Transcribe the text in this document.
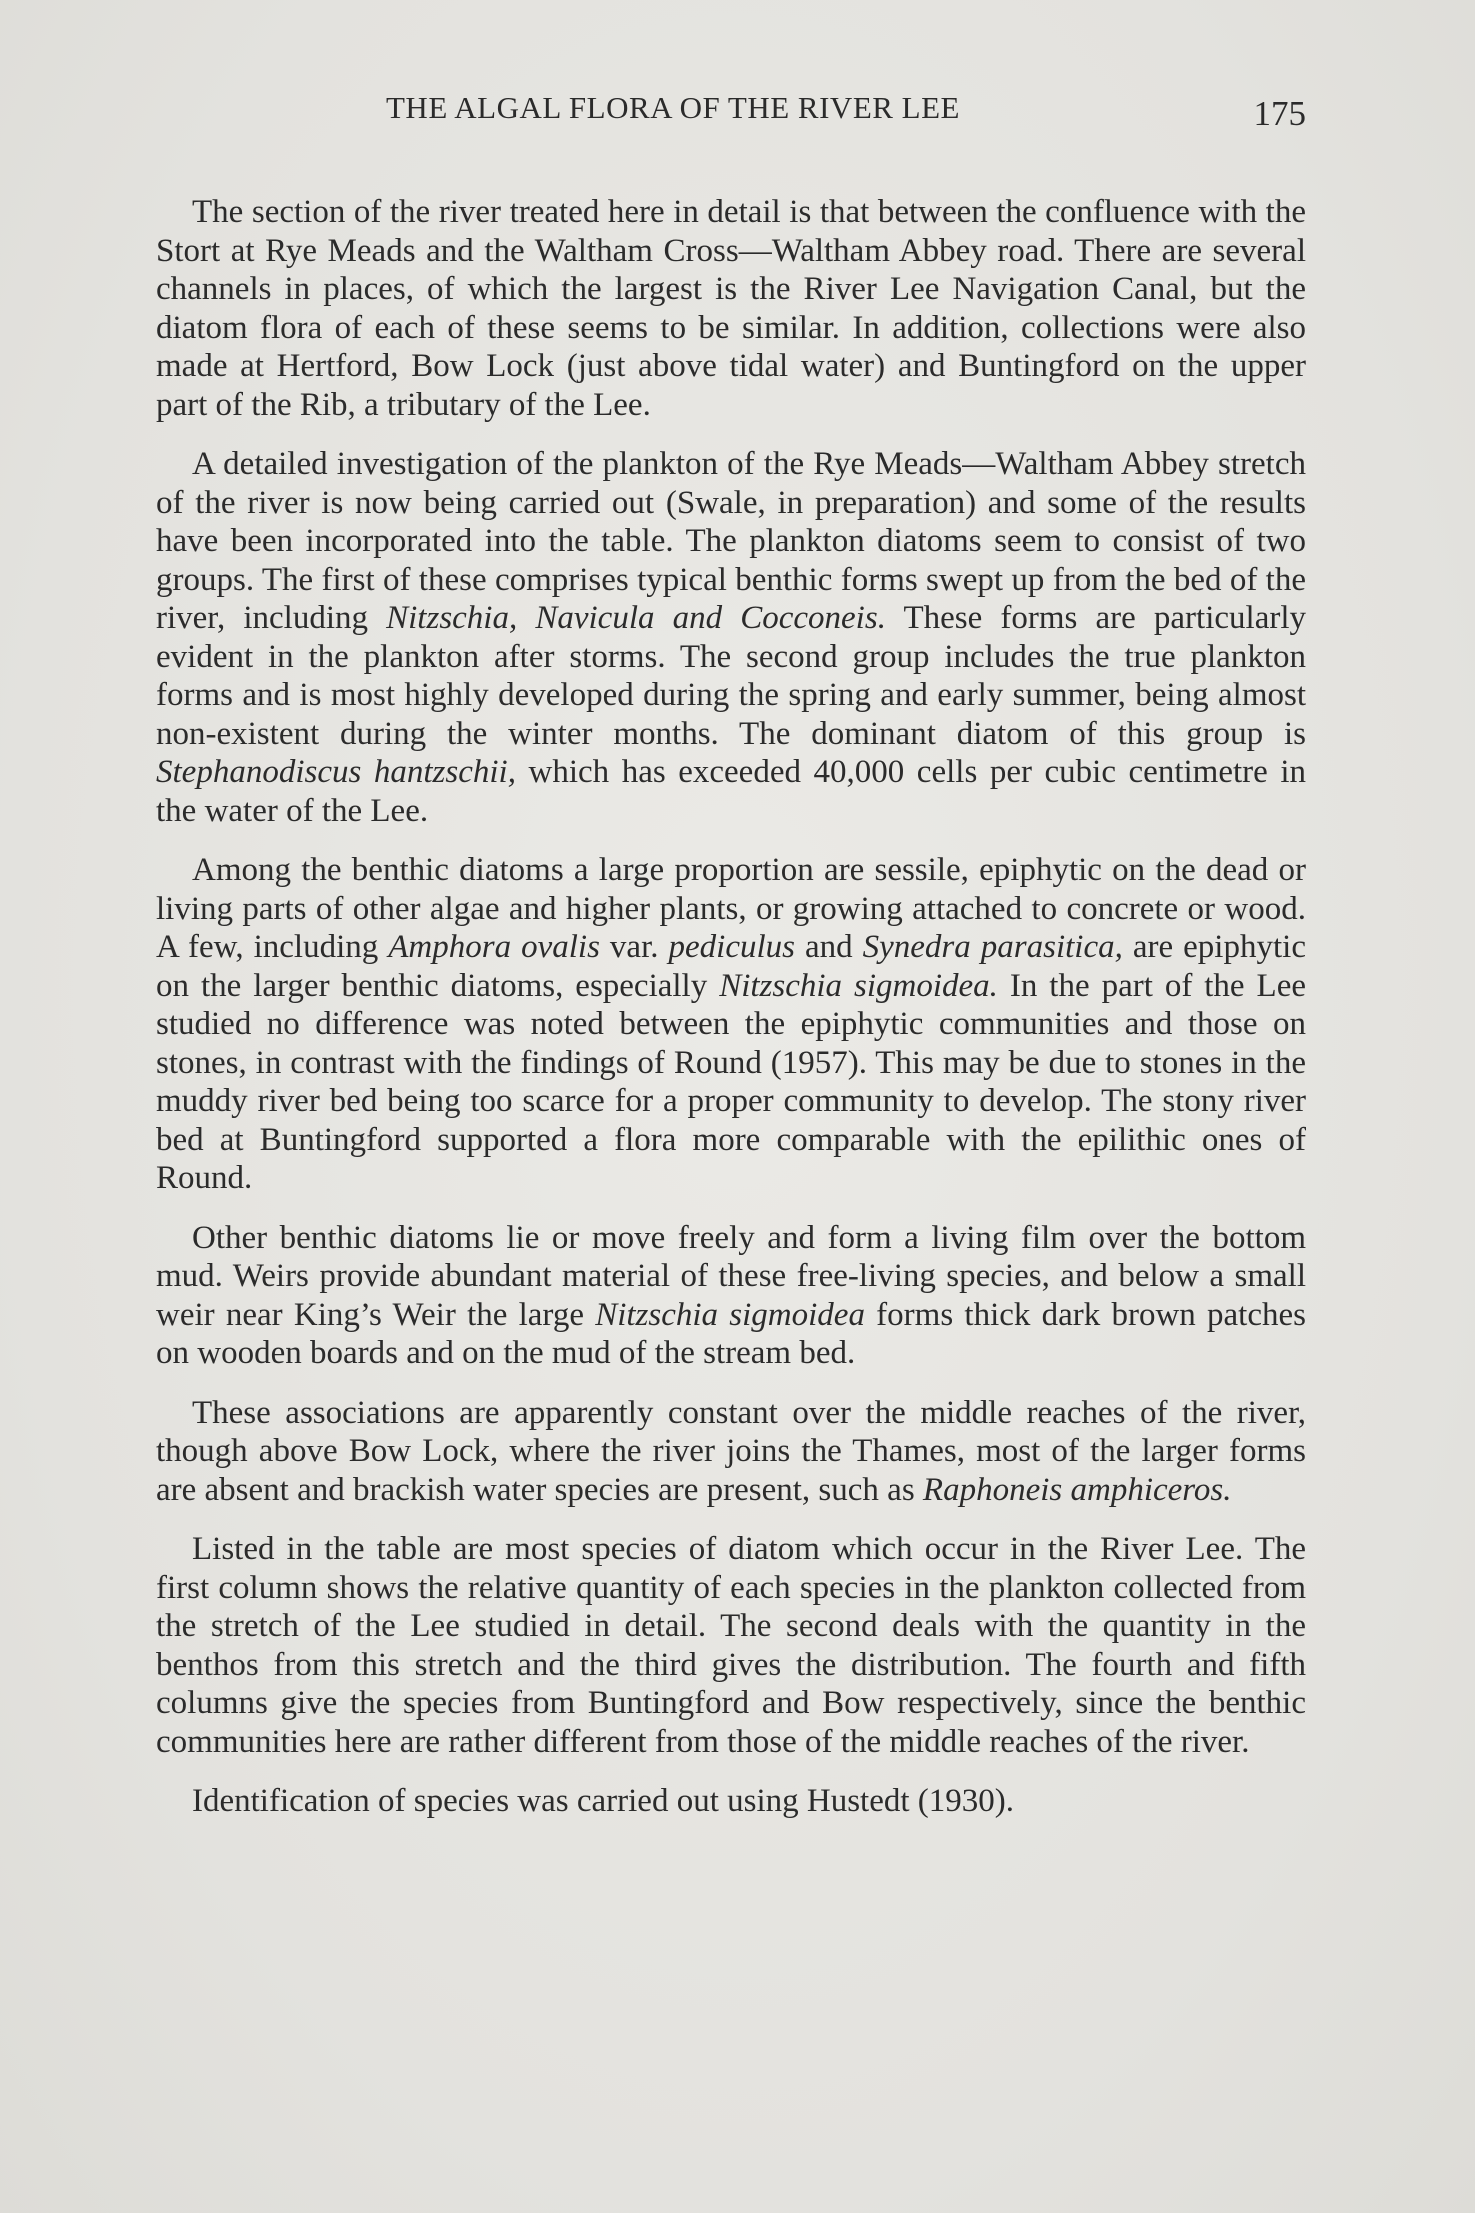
THE ALGAL FLORA OF THE RIVER LEE	175

The section of the river treated here in detail is that between the confluence with the Stort at Rye Meads and the Waltham Cross—Waltham Abbey road. There are several channels in places, of which the largest is the River Lee Navigation Canal, but the diatom flora of each of these seems to be similar. In addition, collections were also made at Hertford, Bow Lock (just above tidal water) and Buntingford on the upper part of the Rib, a tributary of the Lee.

A detailed investigation of the plankton of the Rye Meads—Waltham Abbey stretch of the river is now being carried out (Swale, in preparation) and some of the results have been incorporated into the table. The plankton diatoms seem to consist of two groups. The first of these comprises typical benthic forms swept up from the bed of the river, including Nitzschia, Navicula and Cocconeis. These forms are particularly evident in the plankton after storms. The second group includes the true plankton forms and is most highly developed during the spring and early summer, being almost non-existent during the winter months. The dominant diatom of this group is Stephanodiscus hantzschii, which has exceeded 40,000 cells per cubic centimetre in the water of the Lee.

Among the benthic diatoms a large proportion are sessile, epiphytic on the dead or living parts of other algae and higher plants, or growing attached to concrete or wood. A few, including Amphora ovalis var. pediculus and Synedra parasitica, are epiphytic on the larger benthic diatoms, especially Nitzschia sigmoidea. In the part of the Lee studied no difference was noted between the epiphytic communities and those on stones, in contrast with the findings of Round (1957). This may be due to stones in the muddy river bed being too scarce for a proper community to develop. The stony river bed at Buntingford supported a flora more comparable with the epilithic ones of Round.

Other benthic diatoms lie or move freely and form a living film over the bottom mud. Weirs provide abundant material of these free-living species, and below a small weir near King’s Weir the large Nitzschia sigmoidea forms thick dark brown patches on wooden boards and on the mud of the stream bed.

These associations are apparently constant over the middle reaches of the river, though above Bow Lock, where the river joins the Thames, most of the larger forms are absent and brackish water species are present, such as Raphoneis amphiceros.

Listed in the table are most species of diatom which occur in the River Lee. The first column shows the relative quantity of each species in the plankton collected from the stretch of the Lee studied in detail. The second deals with the quantity in the benthos from this stretch and the third gives the distribution. The fourth and fifth columns give the species from Buntingford and Bow respectively, since the benthic communities here are rather different from those of the middle reaches of the river.

Identification of species was carried out using Hustedt (1930).
